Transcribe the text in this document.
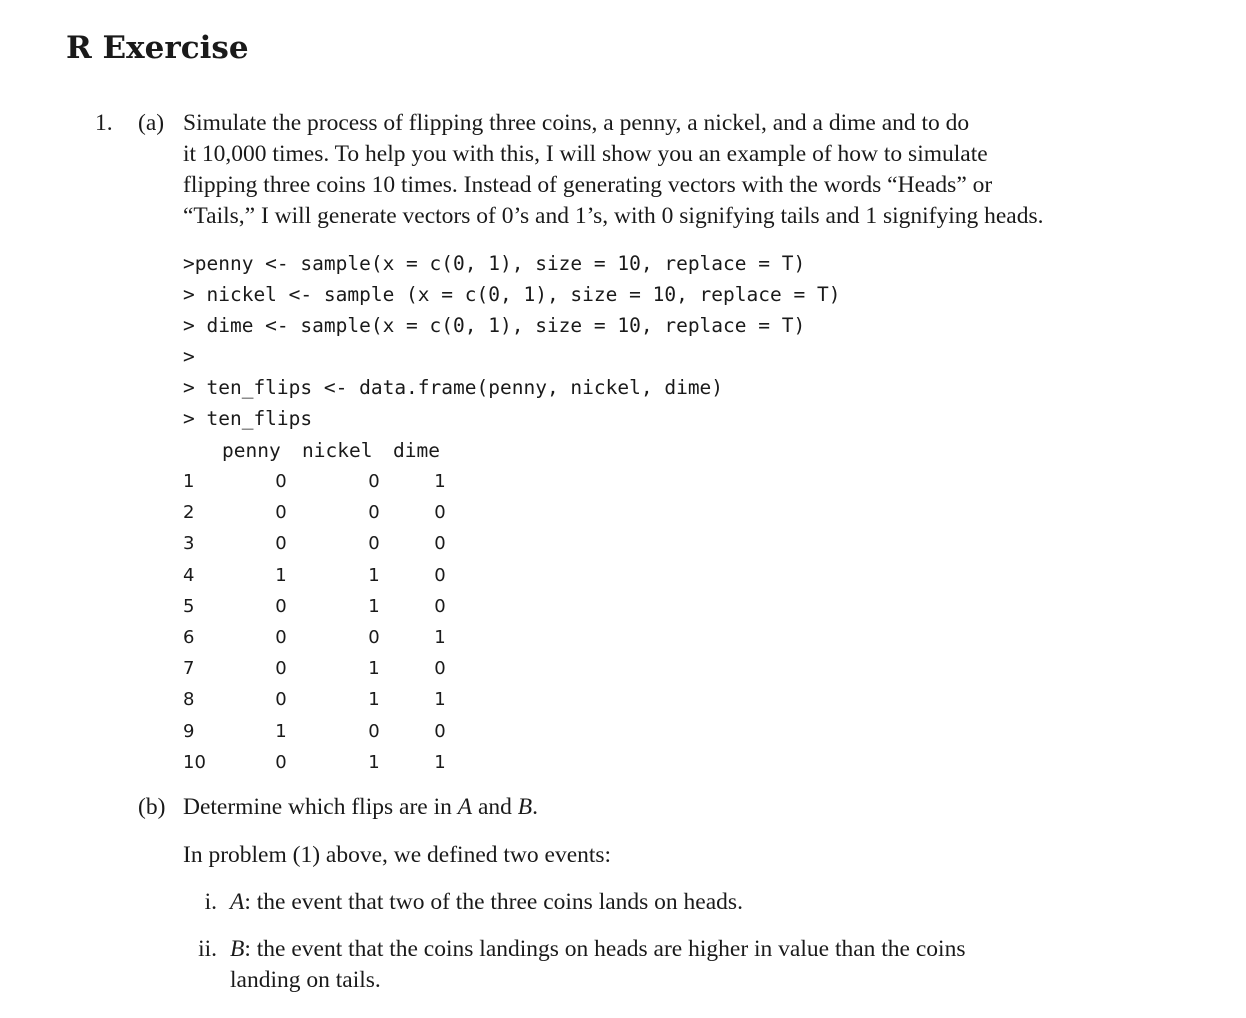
R Exercise
1. (a) Simulate the process of flipping three coins, a penny, a nickel, and a dime and to do
it 10,000 times. To help you with this, I will show you an example of how to simulate
flipping three coins 10 times. Instead of generating vectors with the words “Heads” or
“Tails,” I will generate vectors of 0’s and 1’s, with 0 signifying tails and 1 signifying heads.
>penny <- sample(x = c(0, 1), size = 10, replace = T)
> nickel <- sample (x = c(0, 1), size = 10, replace = T)
> dime <- sample(x = c(0, 1), size = 10, replace = T)
>
> ten_flips <- data.frame(penny, nickel, dime)
> ten_flips
penny nickel dime
1	0	0	1
2	0	0	0
3	0	0	0
4	1	1	0
5	0	1	0
6	0	0	1
7	0	1	0
8	0	1	1
9	1	0	0
10	0	1	1
(b) Determine which flips are in A and B.
In problem (1) above, we defined two events:
i. A: the event that two of the three coins lands on heads.
ii. B: the event that the coins landings on heads are higher in value than the coins
landing on tails.
